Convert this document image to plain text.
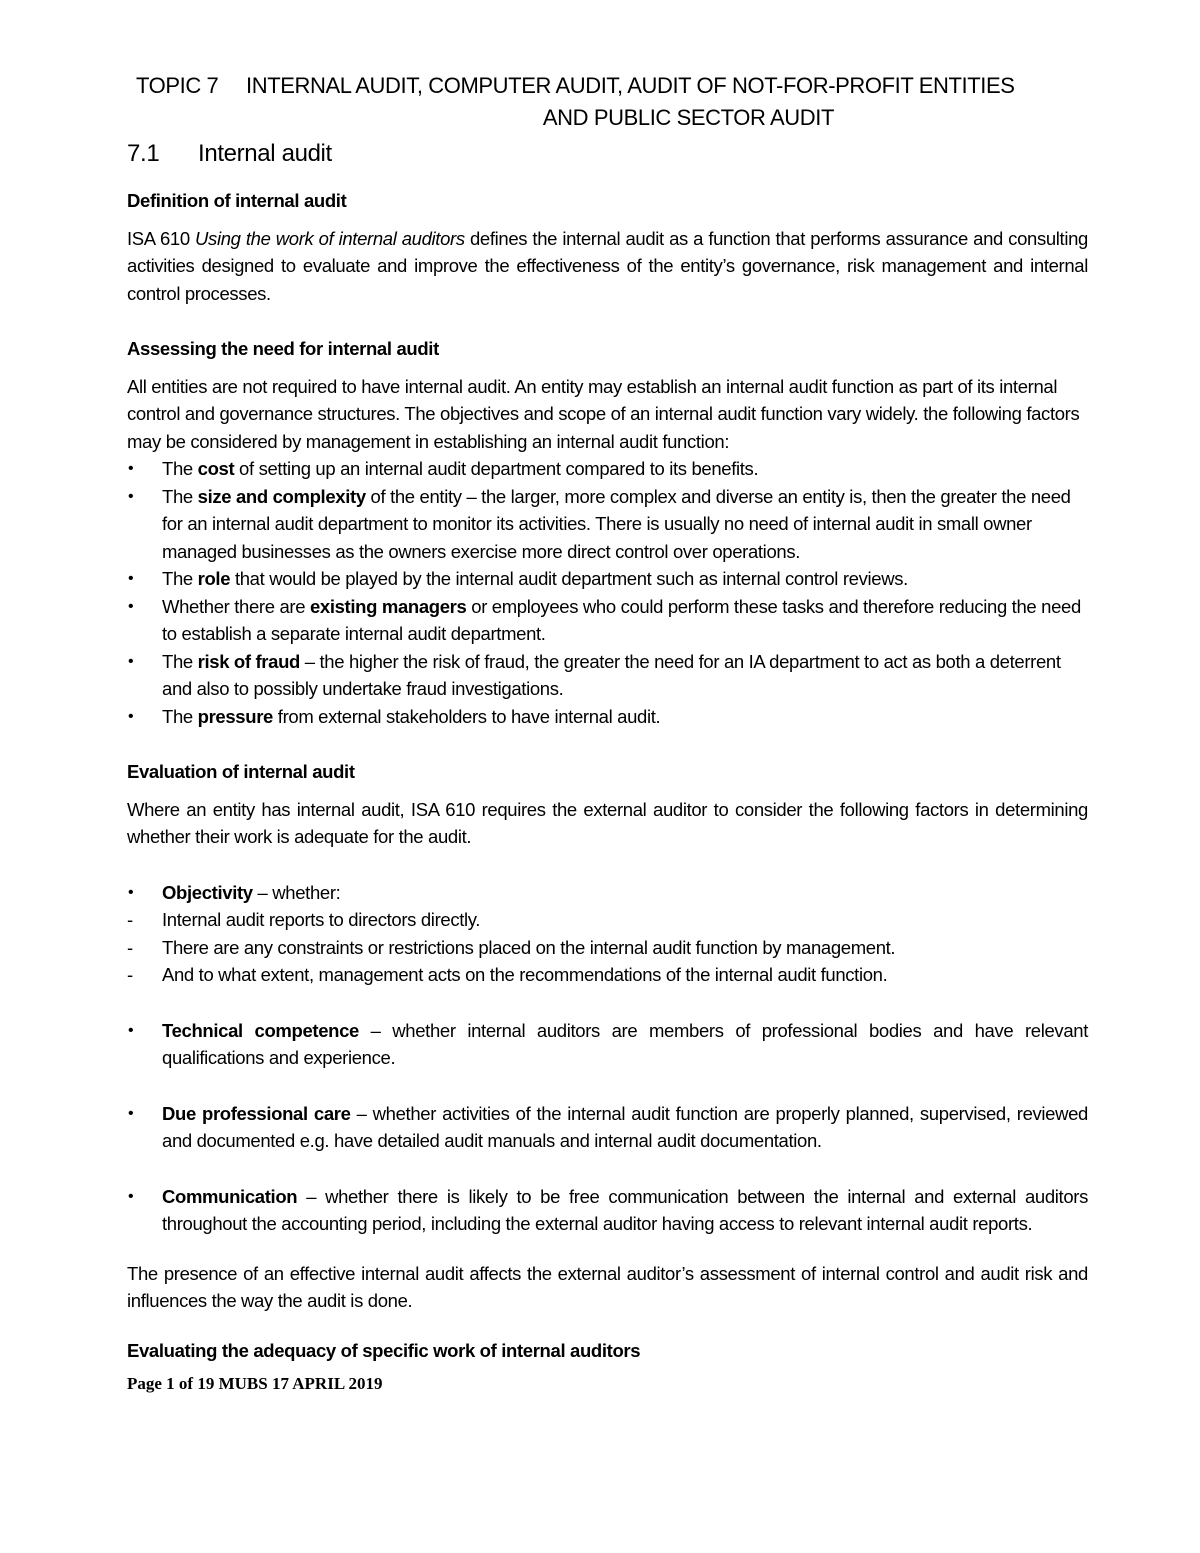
TOPIC 7	INTERNAL AUDIT, COMPUTER AUDIT, AUDIT OF NOT-FOR-PROFIT ENTITIES
AND PUBLIC SECTOR AUDIT
7.1	Internal audit

Definition of internal audit

ISA 610 Using the work of internal auditors defines the internal audit as a function that performs assurance and consulting activities designed to evaluate and improve the effectiveness of the entity’s governance, risk management and internal control processes.

Assessing the need for internal audit

All entities are not required to have internal audit. An entity may establish an internal audit function as part of its internal control and governance structures. The objectives and scope of an internal audit function vary widely. the following factors may be considered by management in establishing an internal audit function:

•	The cost of setting up an internal audit department compared to its benefits.
•	The size and complexity of the entity – the larger, more complex and diverse an entity is, then the greater the need for an internal audit department to monitor its activities. There is usually no need of internal audit in small owner managed businesses as the owners exercise more direct control over operations.
•	The role that would be played by the internal audit department such as internal control reviews.
•	Whether there are existing managers or employees who could perform these tasks and therefore reducing the need to establish a separate internal audit department.
•	The risk of fraud – the higher the risk of fraud, the greater the need for an IA department to act as both a deterrent and also to possibly undertake fraud investigations.
•	The pressure from external stakeholders to have internal audit.

Evaluation of internal audit

Where an entity has internal audit, ISA 610 requires the external auditor to consider the following factors in determining whether their work is adequate for the audit.

•	Objectivity – whether:
- Internal audit reports to directors directly.
- There are any constraints or restrictions placed on the internal audit function by management.
- And to what extent, management acts on the recommendations of the internal audit function.
•	Technical competence – whether internal auditors are members of professional bodies and have relevant qualifications and experience.
•	Due professional care – whether activities of the internal audit function are properly planned, supervised, reviewed and documented e.g. have detailed audit manuals and internal audit documentation.
•	Communication – whether there is likely to be free communication between the internal and external auditors throughout the accounting period, including the external auditor having access to relevant internal audit reports.

The presence of an effective internal audit affects the external auditor’s assessment of internal control and audit risk and influences the way the audit is done.

Evaluating the adequacy of specific work of internal auditors

Page 1 of 19 MUBS 17 APRIL 2019
